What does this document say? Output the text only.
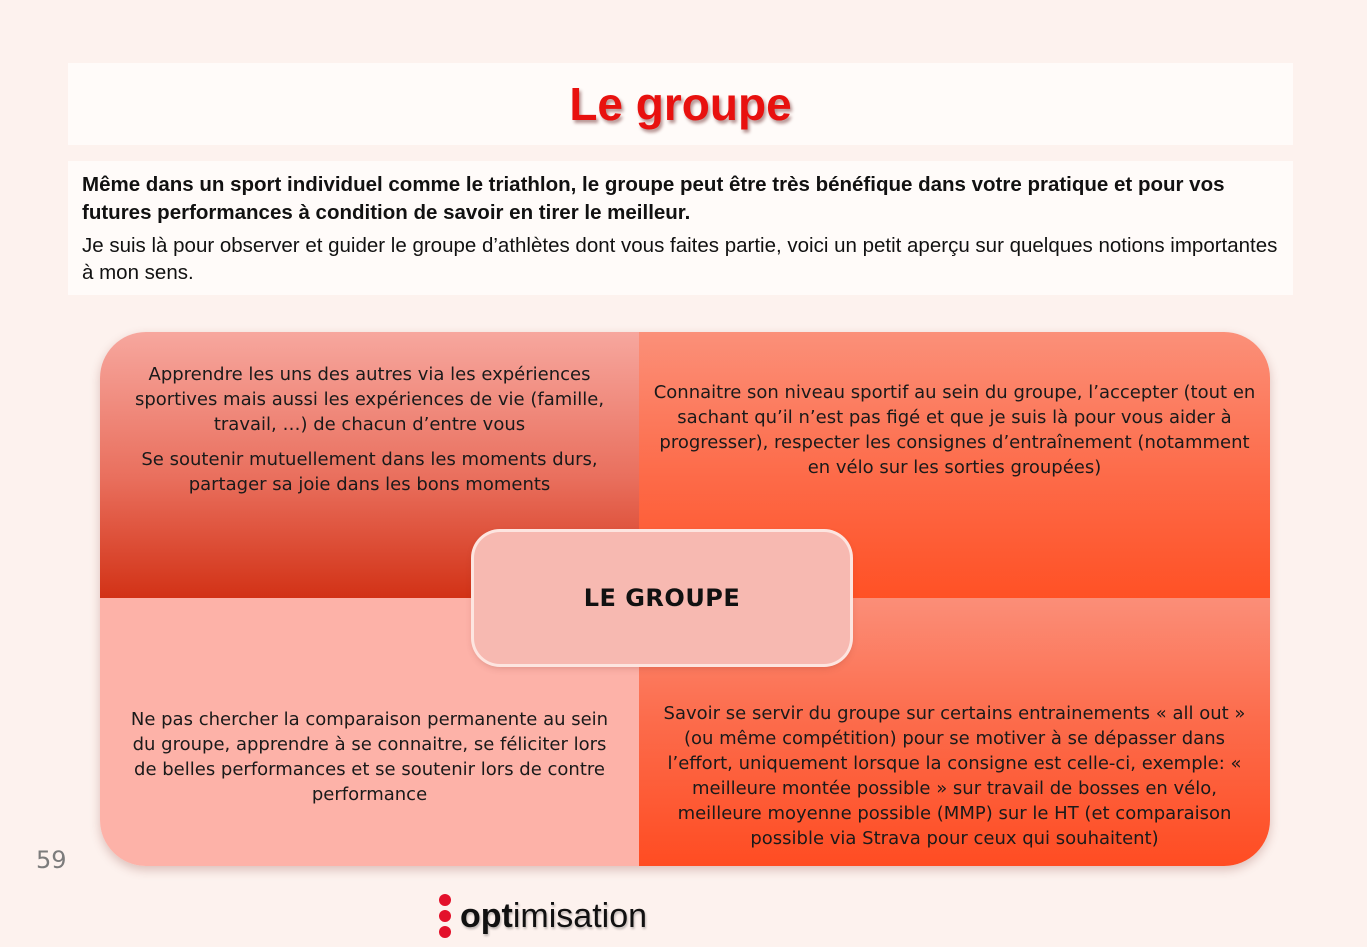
Le groupe

Même dans un sport individuel comme le triathlon, le groupe peut être très bénéfique dans votre pratique et pour vos futures performances à condition de savoir en tirer le meilleur.

Je suis là pour observer et guider le groupe d’athlètes dont vous faites partie, voici un petit aperçu sur quelques notions importantes à mon sens.

Apprendre les uns des autres via les expériences sportives mais aussi les expériences de vie (famille, travail, …) de chacun d’entre vous

Se soutenir mutuellement dans les moments durs, partager sa joie dans les bons moments

Connaitre son niveau sportif au sein du groupe, l’accepter (tout en sachant qu’il n’est pas figé et que je suis là pour vous aider à progresser), respecter les consignes d’entraînement (notamment en vélo sur les sorties groupées)

Ne pas chercher la comparaison permanente au sein du groupe, apprendre à se connaitre, se féliciter lors de belles performances et se soutenir lors de contre performance

Savoir se servir du groupe sur certains entrainements « all out » (ou même compétition) pour se motiver à se dépasser dans l’effort, uniquement lorsque la consigne est celle-ci, exemple: « meilleure montée possible » sur travail de bosses en vélo, meilleure moyenne possible (MMP) sur le HT (et comparaison possible via Strava pour ceux qui souhaitent)

LE GROUPE
59
optimisation
